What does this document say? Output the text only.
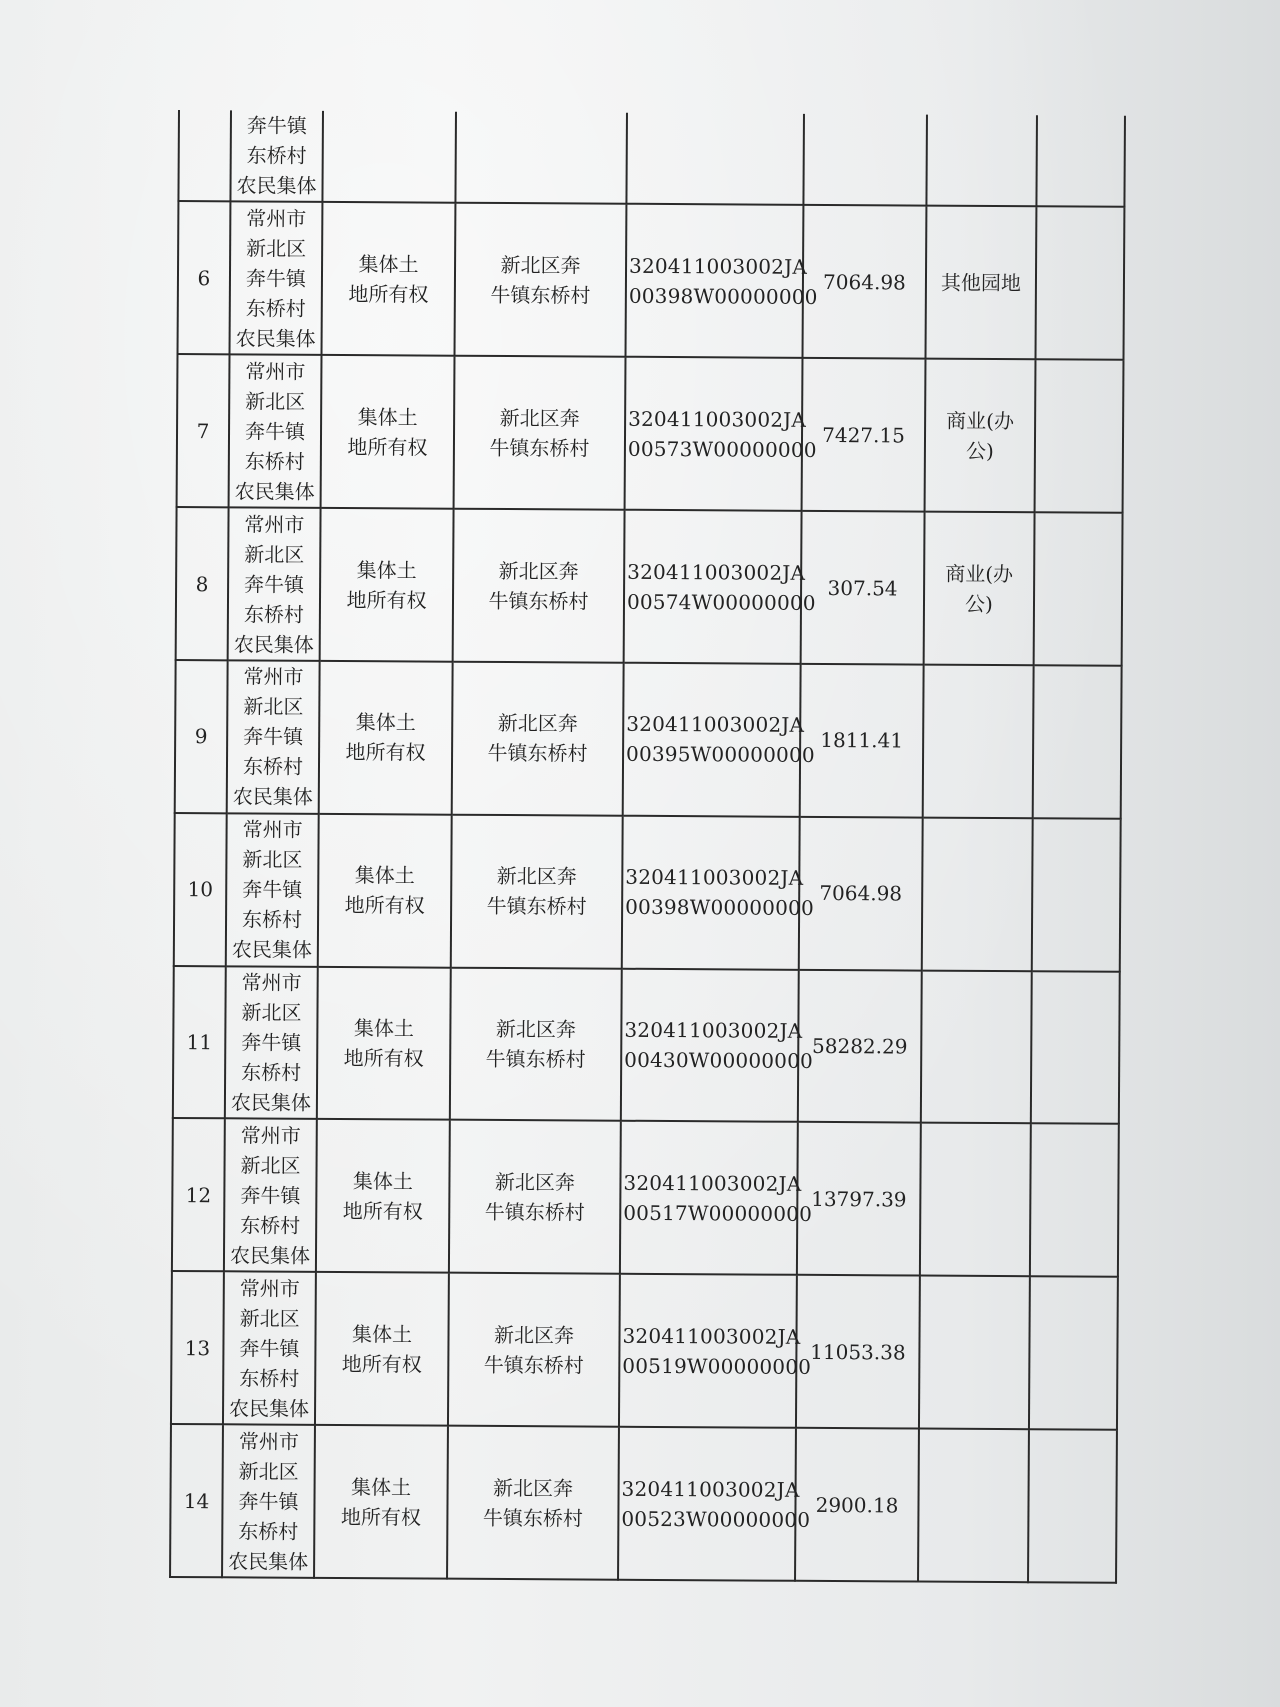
	奔牛镇
东桥村
农民集体						
6	常州市
新北区
奔牛镇
东桥村
农民集体	集体土
地所有权	新北区奔
牛镇东桥村	320411003002JA
00398W00000000	7064.98	其他园地	
7	常州市
新北区
奔牛镇
东桥村
农民集体	集体土
地所有权	新北区奔
牛镇东桥村	320411003002JA
00573W00000000	7427.15	商业(办
公)	
8	常州市
新北区
奔牛镇
东桥村
农民集体	集体土
地所有权	新北区奔
牛镇东桥村	320411003002JA
00574W00000000	307.54	商业(办
公)	
9	常州市
新北区
奔牛镇
东桥村
农民集体	集体土
地所有权	新北区奔
牛镇东桥村	320411003002JA
00395W00000000	1811.41		
10	常州市
新北区
奔牛镇
东桥村
农民集体	集体土
地所有权	新北区奔
牛镇东桥村	320411003002JA
00398W00000000	7064.98		
11	常州市
新北区
奔牛镇
东桥村
农民集体	集体土
地所有权	新北区奔
牛镇东桥村	320411003002JA
00430W00000000	58282.29		
12	常州市
新北区
奔牛镇
东桥村
农民集体	集体土
地所有权	新北区奔
牛镇东桥村	320411003002JA
00517W00000000	13797.39		
13	常州市
新北区
奔牛镇
东桥村
农民集体	集体土
地所有权	新北区奔
牛镇东桥村	320411003002JA
00519W00000000	11053.38		
14	常州市
新北区
奔牛镇
东桥村
农民集体	集体土
地所有权	新北区奔
牛镇东桥村	320411003002JA
00523W00000000	2900.18		
